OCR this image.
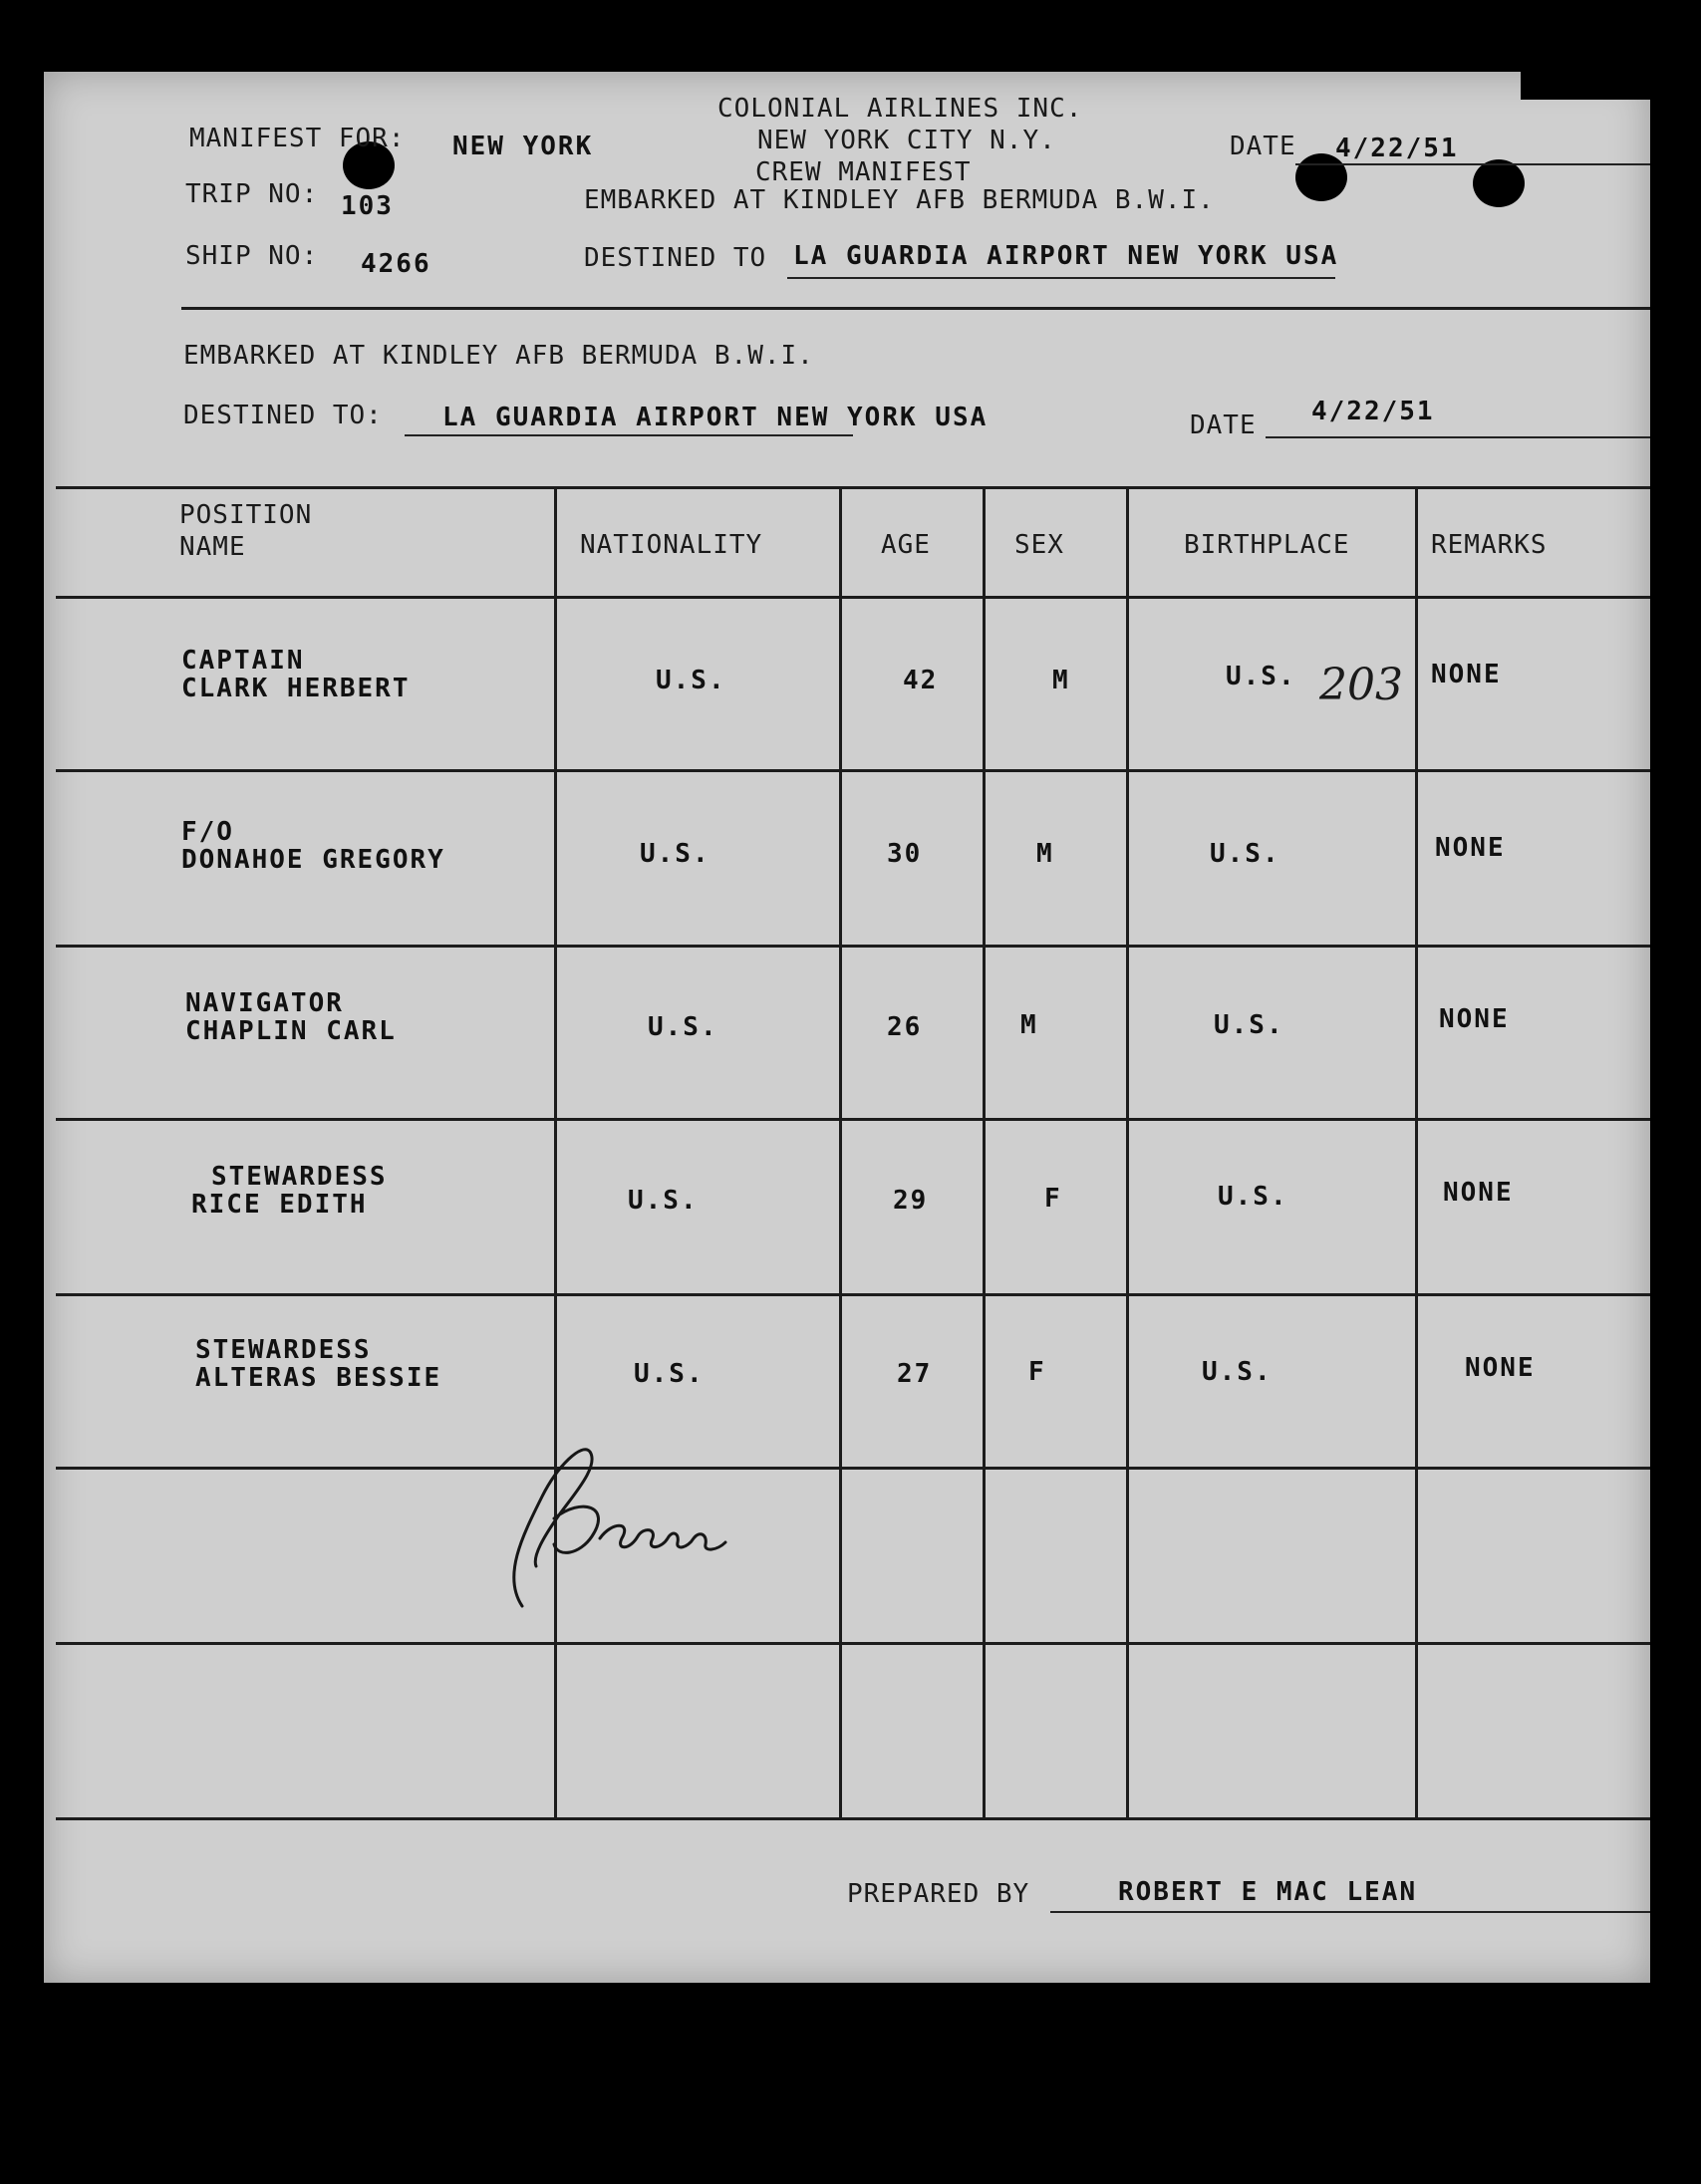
COLONIAL AIRLINES INC.
MANIFEST FOR: NEW YORK	NEW YORK CITY N.Y.	DATE 4/22/51
CREW MANIFEST
TRIP NO: 103	EMBARKED AT KINDLEY AFB BERMUDA B.W.I.
SHIP NO: 4266	DESTINED TO LA GUARDIA AIRPORT NEW YORK USA
EMBARKED AT KINDLEY AFB BERMUDA B.W.I.
DESTINED TO: LA GUARDIA AIRPORT NEW YORK USA	DATE 4/22/51
POSITION
NAME	NATIONALITY	AGE	SEX	BIRTHPLACE	REMARKS
CAPTAIN
CLARK HERBERT	U.S.	42	M	U.S.	NONE
203
F/O
DONAHOE GREGORY	U.S.	30	M	U.S.	NONE
NAVIGATOR
CHAPLIN CARL	U.S.	26	M	U.S.	NONE
STEWARDESS
RICE EDITH	U.S.	29	F	U.S.	NONE
STEWARDESS
ALTERAS BESSIE	U.S.	27	F	U.S.	NONE
PREPARED BY	ROBERT E MAC LEAN
